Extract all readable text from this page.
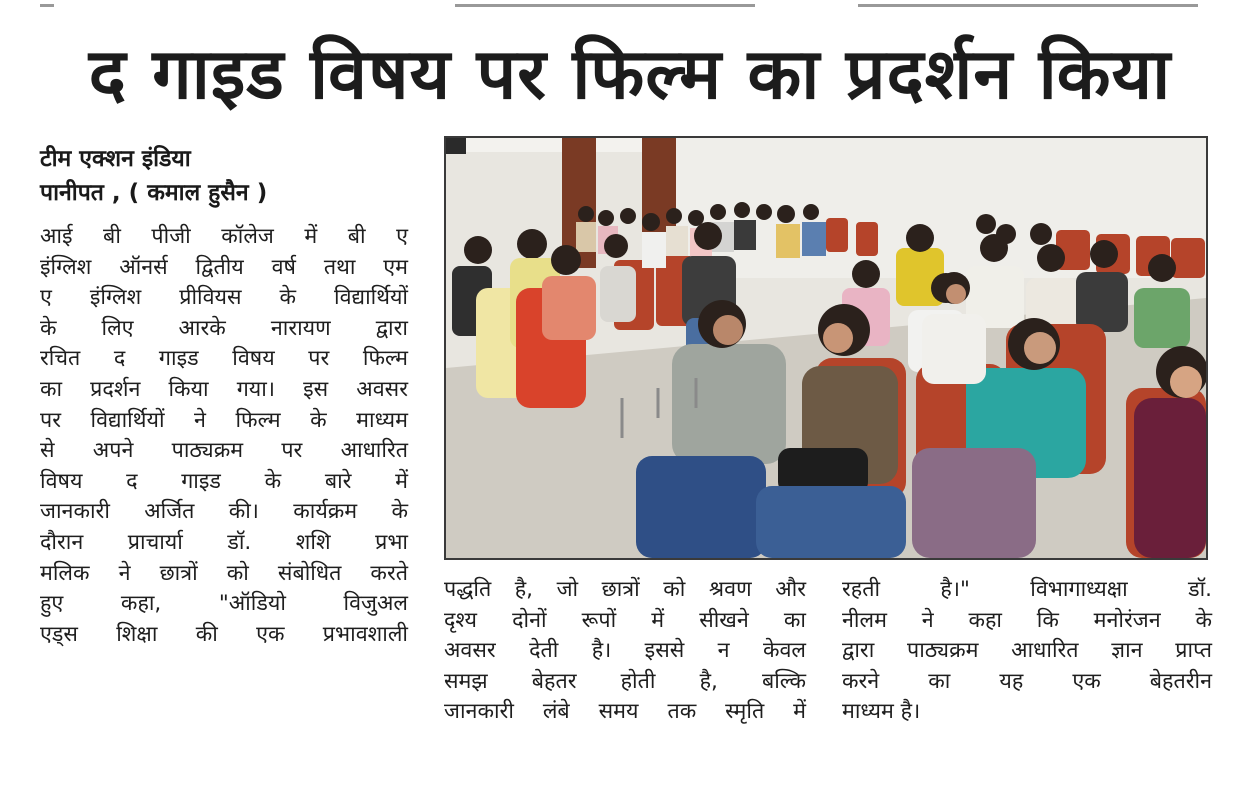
द गाइड विषय पर फिल्म का प्रदर्शन किया
टीम एक्शन इंडिया
पानीपत , ( कमाल हुसैन )
आई बी पीजी कॉलेज में बी ए
इंग्लिश ऑनर्स द्वितीय वर्ष तथा एम
ए इंग्लिश प्रीवियस के विद्यार्थियों
के लिए आरके नारायण द्वारा
रचित द गाइड विषय पर फिल्म
का प्रदर्शन किया गया। इस अवसर
पर विद्यार्थियों ने फिल्म के माध्यम
से अपने पाठ्यक्रम पर आधारित
विषय द गाइड के बारे में
जानकारी अर्जित की। कार्यक्रम के
दौरान प्राचार्या डॉ. शशि प्रभा
मलिक ने छात्रों को संबोधित करते
हुए कहा, "ऑडियो विजुअल
एड्स शिक्षा की एक प्रभावशाली
पद्धति है, जो छात्रों को श्रवण और
दृश्य दोनों रूपों में सीखने का
अवसर देती है। इससे न केवल
समझ बेहतर होती है, बल्कि
जानकारी लंबे समय तक स्मृति में
रहती है।" विभागाध्यक्षा डॉ.
नीलम ने कहा कि मनोरंजन के
द्वारा पाठ्यक्रम आधारित ज्ञान प्राप्त
करने का यह एक बेहतरीन
माध्यम है।
